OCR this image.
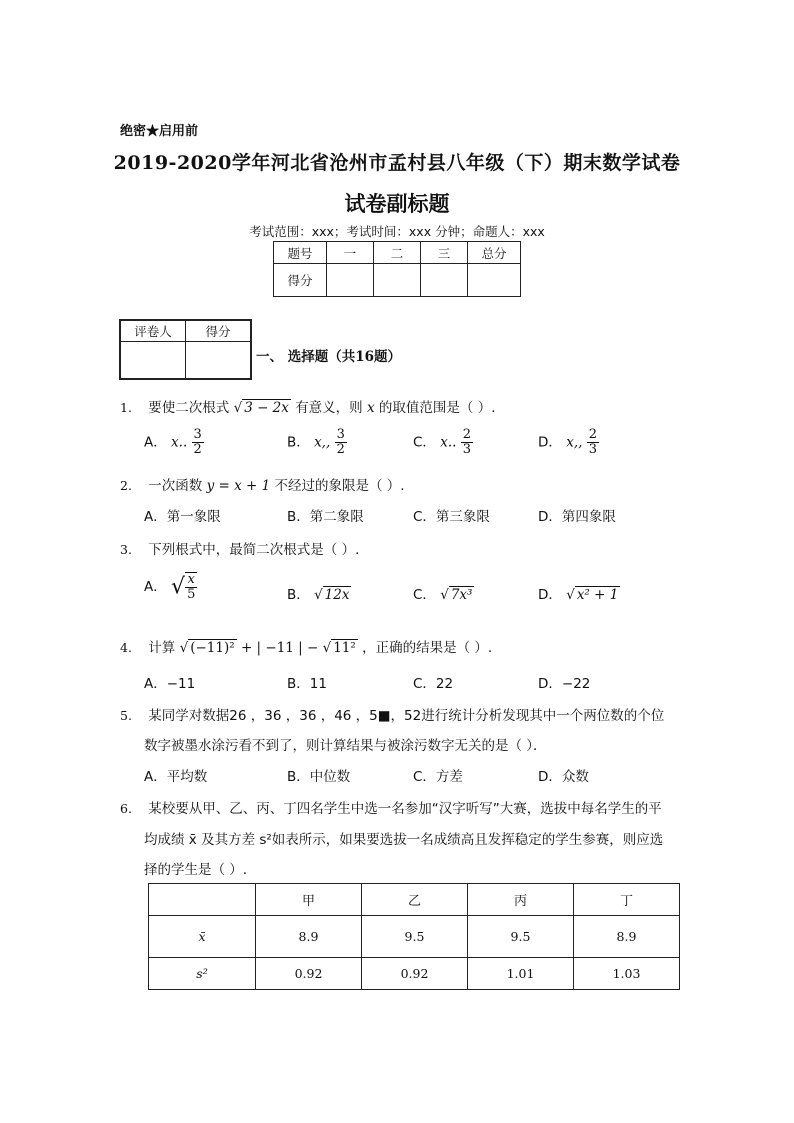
绝密★启用前
2019-2020学年河北省沧州市孟村县八年级（下）期末数学试卷
试卷副标题
考试范围：xxx；考试时间：xxx 分钟；命题人：xxx
题号	一	二	三	总分
得分				
评卷人	得分

一、 选择题（共16题）
1. 要使二次根式 √ 3 − 2x 有意义，则 x 的取值范围是（ ）.
A． x.. $\frac{3}{2}$	B． x,, $\frac{3}{2}$	C． x.. $\frac{2}{3}$	D． x,, $\frac{2}{3}$
2. 一次函数 y = x + 1 不经过的象限是（ ）.
A．第一象限	B．第二象限	C．第三象限	D．第四象限
3. 下列根式中，最简二次根式是（ ）.
A． √ $\frac{x}{5}$	B． √ 12x	C． √ 7x³	D． √ x² + 1
4. 计算 √ (−11)² + | −11 | − √ 11² ，正确的结果是（ ）.
A．−11	B．11	C．22	D．−22
5. 某同学对数据26 ，36 ，36 ，46 ，5■，52进行统计分析发现其中一个两位数的个位
数字被墨水涂污看不到了，则计算结果与被涂污数字无关的是（ ）．
A．平均数	B．中位数	C．方差	D．众数
6. 某校要从甲、乙、丙、丁四名学生中选一名参加“汉字听写”大赛，选拔中每名学生的平
均成绩 x̄ 及其方差 s²如表所示，如果要选拔一名成绩高且发挥稳定的学生参赛，则应选
择的学生是（ ）.
	甲	乙	丙	丁
x̄	8.9	9.5	9.5	8.9
s²	0.92	0.92	1.01	1.03
